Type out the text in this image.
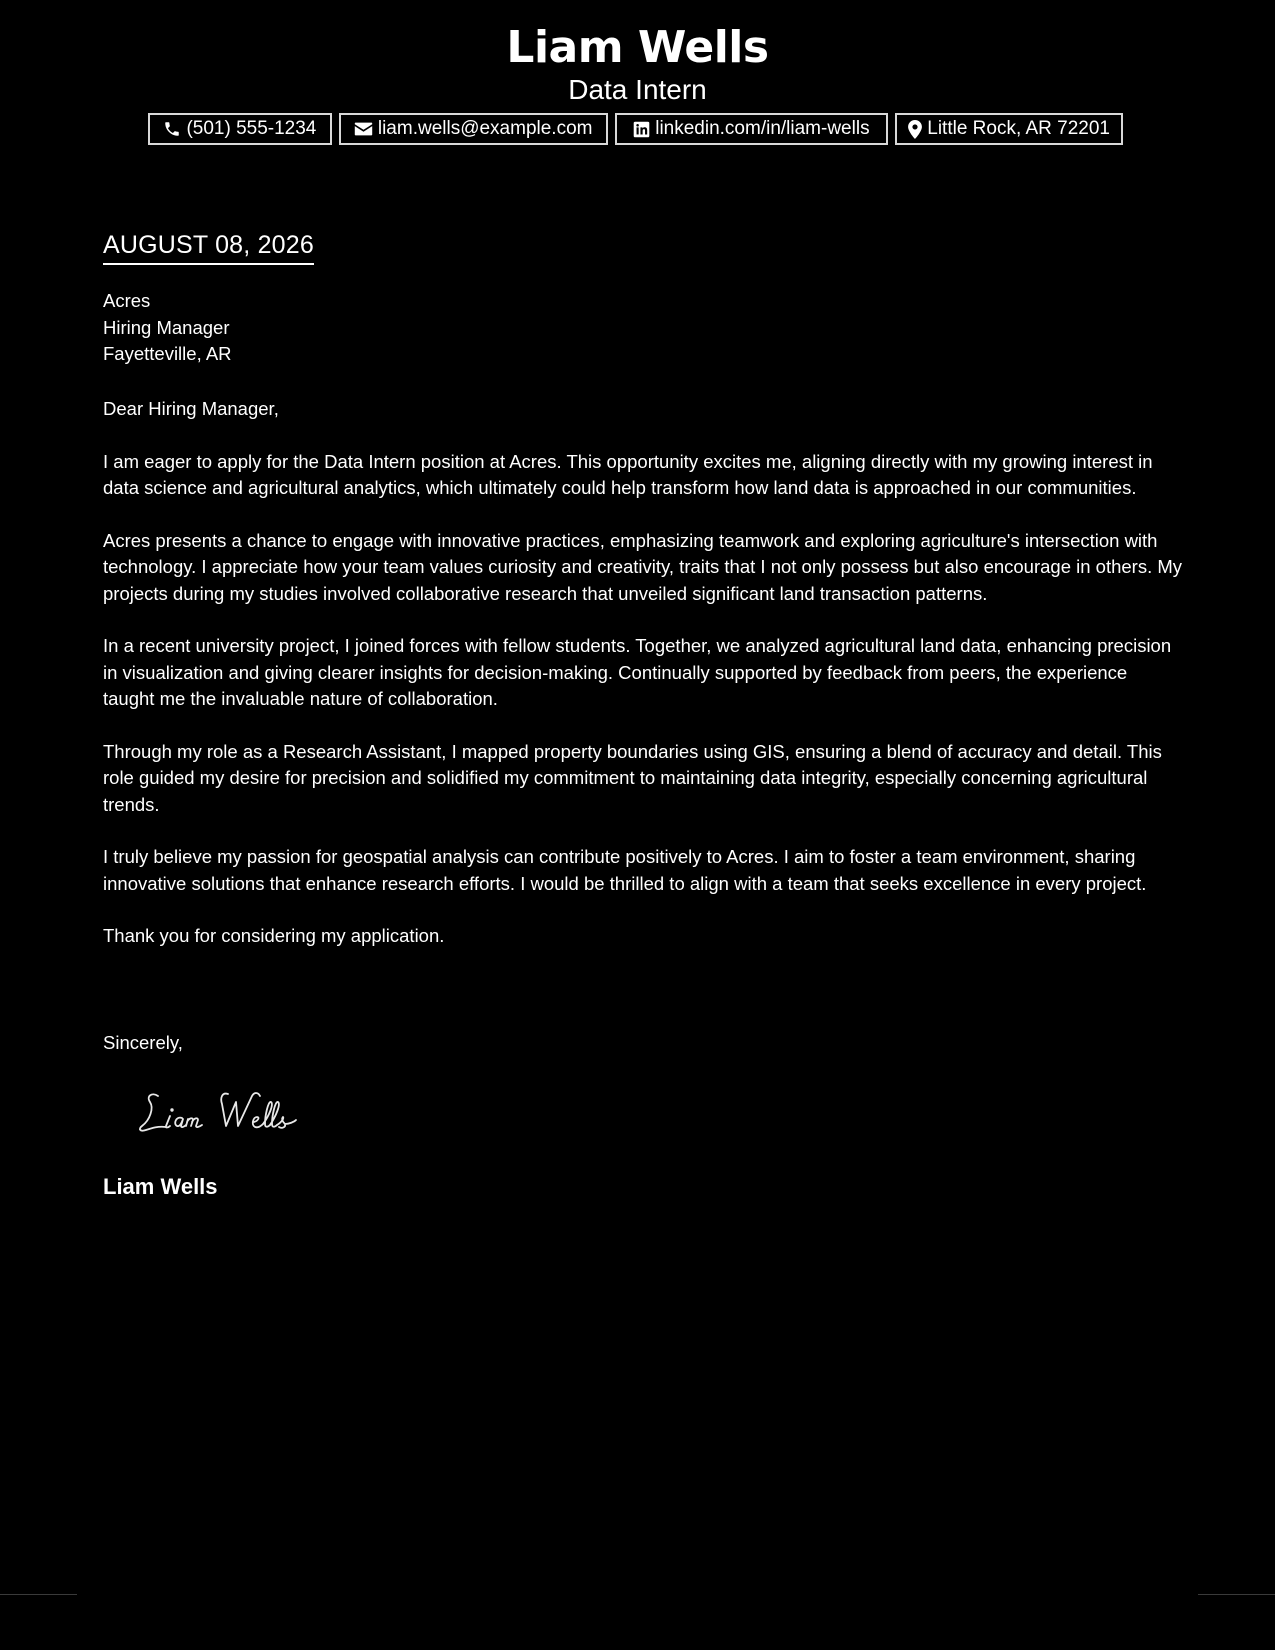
Liam Wells
Data Intern
(501) 555-1234	liam.wells@example.com	linkedin.com/in/liam-wells	Little Rock, AR 72201
AUGUST 08, 2026
Acres
Hiring Manager
Fayetteville, AR

Dear Hiring Manager,

I am eager to apply for the Data Intern position at Acres. This opportunity excites me, aligning directly with my growing interest in data science and agricultural analytics, which ultimately could help transform how land data is approached in our communities.

Acres presents a chance to engage with innovative practices, emphasizing teamwork and exploring agriculture's intersection with technology. I appreciate how your team values curiosity and creativity, traits that I not only possess but also encourage in others. My projects during my studies involved collaborative research that unveiled significant land transaction patterns.

In a recent university project, I joined forces with fellow students. Together, we analyzed agricultural land data, enhancing precision in visualization and giving clearer insights for decision-making. Continually supported by feedback from peers, the experience taught me the invaluable nature of collaboration.

Through my role as a Research Assistant, I mapped property boundaries using GIS, ensuring a blend of accuracy and detail. This role guided my desire for precision and solidified my commitment to maintaining data integrity, especially concerning agricultural trends.

I truly believe my passion for geospatial analysis can contribute positively to Acres. I aim to foster a team environment, sharing innovative solutions that enhance research efforts. I would be thrilled to align with a team that seeks excellence in every project.

Thank you for considering my application.

Sincerely,
Liam Wells
